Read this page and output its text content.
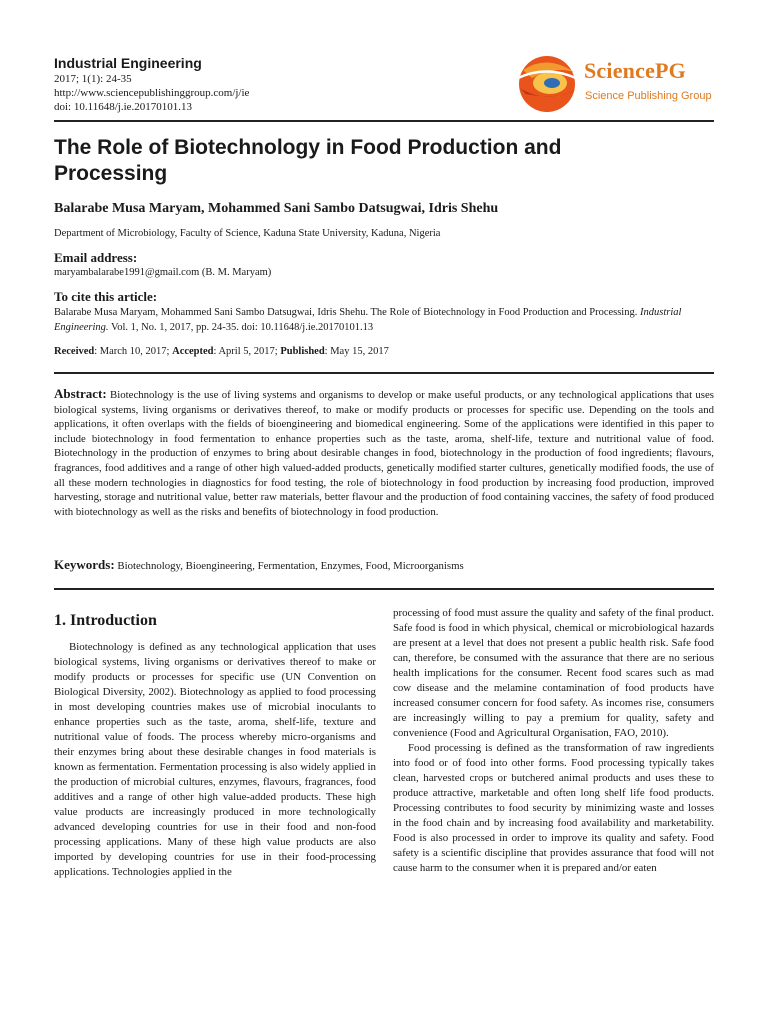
Industrial Engineering
2017; 1(1): 24-35
http://www.sciencepublishinggroup.com/j/ie
doi: 10.11648/j.ie.20170101.13
SciencePG
Science Publishing Group
The Role of Biotechnology in Food Production and Processing
Balarabe Musa Maryam, Mohammed Sani Sambo Datsugwai, Idris Shehu
Department of Microbiology, Faculty of Science, Kaduna State University, Kaduna, Nigeria
Email address:
maryambalarabe1991@gmail.com (B. M. Maryam)
To cite this article:
Balarabe Musa Maryam, Mohammed Sani Sambo Datsugwai, Idris Shehu. The Role of Biotechnology in Food Production and Processing. Industrial Engineering. Vol. 1, No. 1, 2017, pp. 24-35. doi: 10.11648/j.ie.20170101.13
Received: March 10, 2017; Accepted: April 5, 2017; Published: May 15, 2017
Abstract: Biotechnology is the use of living systems and organisms to develop or make useful products, or any technological applications that uses biological systems, living organisms or derivatives thereof, to make or modify products or processes for specific use. Depending on the tools and applications, it often overlaps with the fields of bioengineering and biomedical engineering. Some of the applications were identified in this paper to include biotechnology in food fermentation to enhance properties such as the taste, aroma, shelf-life, texture and nutritional value of food. Biotechnology in the production of enzymes to bring about desirable changes in food, biotechnology in the production of food ingredients; flavours, fragrances, food additives and a range of other high valued-added products, genetically modified starter cultures, genetically modified foods, the use of all these modern technologies in diagnostics for food testing, the role of biotechnology in food production by increasing food production, improved harvesting, storage and nutritional value, better raw materials, better flavour and the production of food containing vaccines, the safety of food produced with biotechnology as well as the risks and benefits of biotechnology in food production.
Keywords: Biotechnology, Bioengineering, Fermentation, Enzymes, Food, Microorganisms
1. Introduction

Biotechnology is defined as any technological application that uses biological systems, living organisms or derivatives thereof to make or modify products or processes for specific use (UN Convention on Biological Diversity, 2002). Biotechnology as applied to food processing in most developing countries makes use of microbial inoculants to enhance properties such as the taste, aroma, shelf-life, texture and nutritional value of foods. The process whereby micro-organisms and their enzymes bring about these desirable changes in food materials is known as fermentation. Fermentation processing is also widely applied in the production of microbial cultures, enzymes, flavours, fragrances, food additives and a range of other high value-added products. These high value products are increasingly produced in more technologically advanced developing countries for use in their food and non-food processing applications. Many of these high value products are also imported by developing countries for use in their food-processing applications. Technologies applied in the

processing of food must assure the quality and safety of the final product. Safe food is food in which physical, chemical or microbiological hazards are present at a level that does not present a public health risk. Safe food can, therefore, be consumed with the assurance that there are no serious health implications for the consumer. Recent food scares such as mad cow disease and the melamine contamination of food products have increased consumer concern for food safety. As incomes rise, consumers are increasingly willing to pay a premium for quality, safety and convenience (Food and Agricultural Organisation, FAO, 2010).

Food processing is defined as the transformation of raw ingredients into food or of food into other forms. Food processing typically takes clean, harvested crops or butchered animal products and uses these to produce attractive, marketable and often long shelf life food products. Processing contributes to food security by minimizing waste and losses in the food chain and by increasing food availability and marketability. Food is also processed in order to improve its quality and safety. Food safety is a scientific discipline that provides assurance that food will not cause harm to the consumer when it is prepared and/or eaten
